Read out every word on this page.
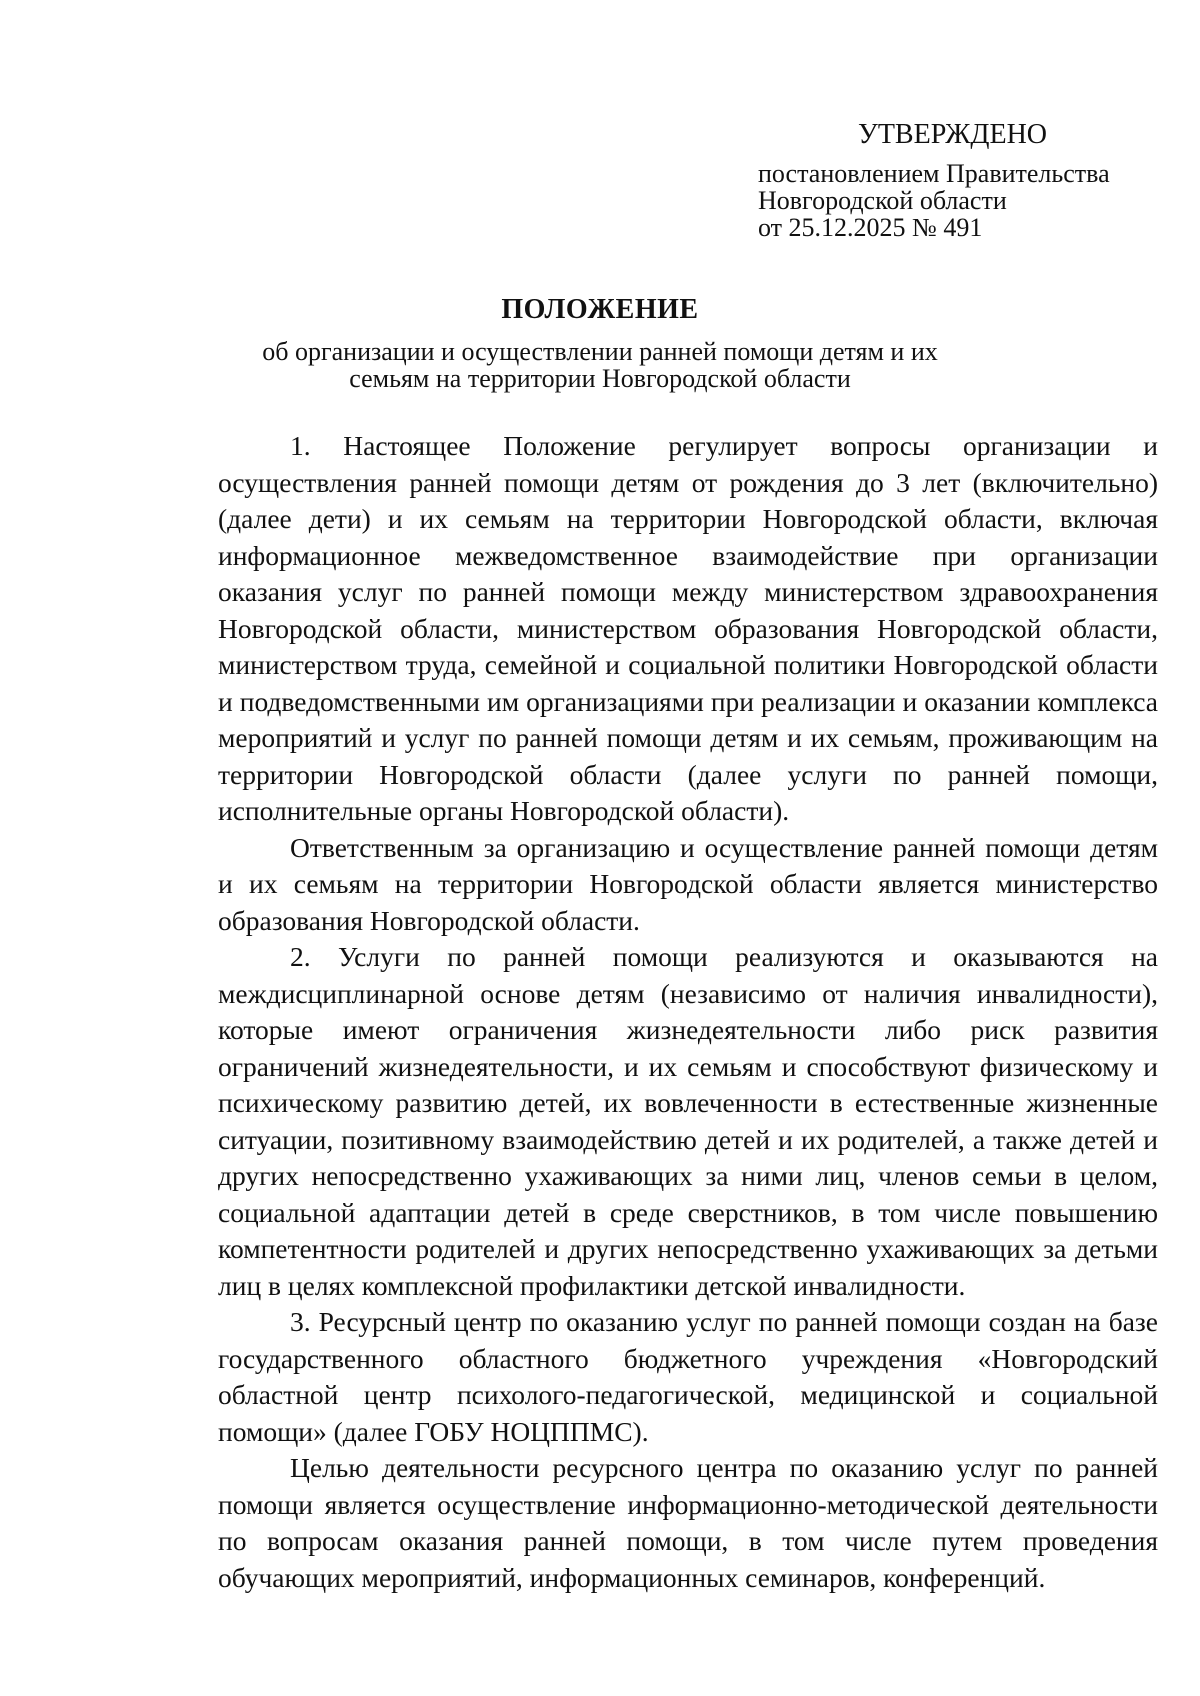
УТВЕРЖДЕНО
постановлением Правительства
Новгородской области
от 25.12.2025 № 491
ПОЛОЖЕНИЕ
об организации и осуществлении ранней помощи детям и их семьям на территории Новгородской области

1. Настоящее Положение регулирует вопросы организации и осуществления ранней помощи детям от рождения до 3 лет (включительно) (далее дети) и их семьям на территории Новгородской области, включая информационное межведомственное взаимодействие при организации оказания услуг по ранней помощи между министерством здравоохранения Новгородской области, министерством образования Новгородской области, министерством труда, семейной и социальной политики Новгородской области и подведомственными им организациями при реализации и оказании комплекса мероприятий и услуг по ранней помощи детям и их семьям, проживающим на территории Новгородской области (далее услуги по ранней помощи, исполнительные органы Новгородской области).

Ответственным за организацию и осуществление ранней помощи детям и их семьям на территории Новгородской области является министерство образования Новгородской области.

2. Услуги по ранней помощи реализуются и оказываются на междисциплинарной основе детям (независимо от наличия инвалидности), которые имеют ограничения жизнедеятельности либо риск развития ограничений жизнедеятельности, и их семьям и способствуют физическому и психическому развитию детей, их вовлеченности в естественные жизненные ситуации, позитивному взаимодействию детей и их родителей, а также детей и других непосредственно ухаживающих за ними лиц, членов семьи в целом, социальной адаптации детей в среде сверстников, в том числе повышению компетентности родителей и других непосредственно ухаживающих за детьми лиц в целях комплексной профилактики детской инвалидности.

3. Ресурсный центр по оказанию услуг по ранней помощи создан на базе государственного областного бюджетного учреждения «Новгородский областной центр психолого-педагогической, медицинской и социальной помощи» (далее ГОБУ НОЦППМС).

Целью деятельности ресурсного центра по оказанию услуг по ранней помощи является осуществление информационно-методической деятельности по вопросам оказания ранней помощи, в том числе путем проведения обучающих мероприятий, информационных семинаров, конференций.
